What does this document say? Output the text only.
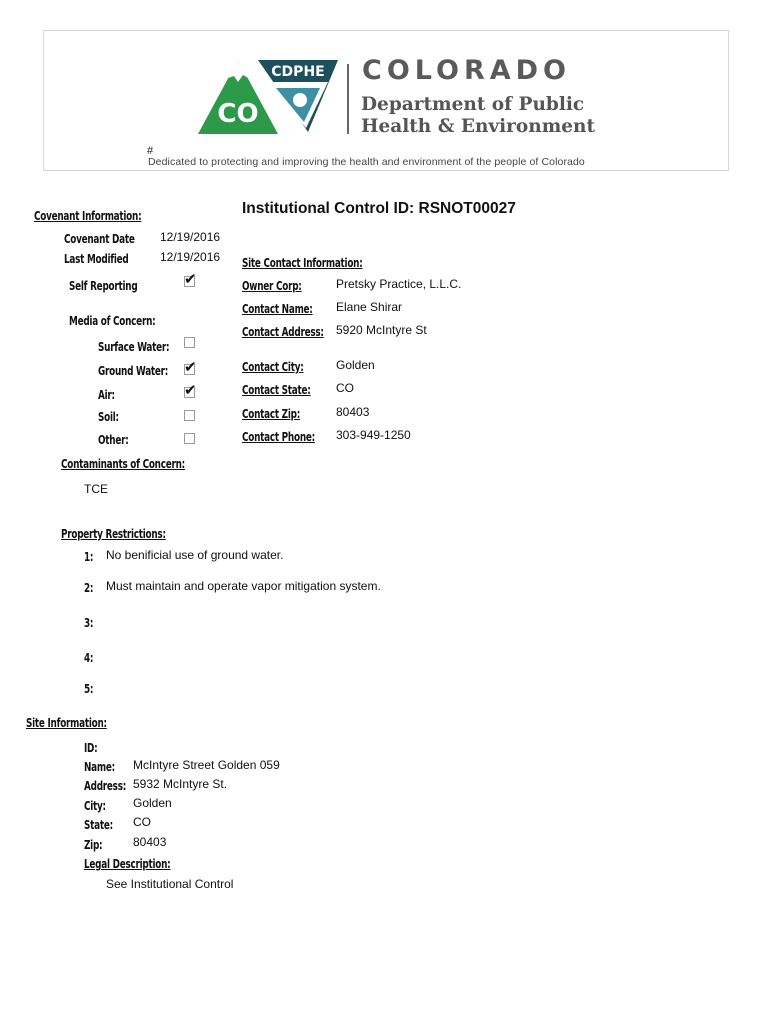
CO
CDPHE COLORADO
Department of Public
Health & Environment
#
Dedicated to protecting and improving the health and environment of the people of Colorado
Institutional Control ID: RSNOT00027
Covenant Information:
Covenant Date 12/19/2016
Last Modified	12/19/2016
Self Reporting	✔
Media of Concern:
Surface Water:
Ground Water: ✔
Air:	✔
Soil:
Other:
Site Contact Information:
Owner Corp:	Pretsky Practice, L.L.C.
Contact Name: Elane Shirar
Contact Address: 5920 McIntyre St
Contact City:	Golden
Contact State: CO
Contact Zip:	80403
Contact Phone: 303-949-1250
Contaminants of Concern:
TCE
Property Restrictions:
1: No benificial use of ground water.
2: Must maintain and operate vapor mitigation system.
3:
4:
5:
Site Information:
ID:
Name: McIntyre Street Golden 059
Address: 5932 McIntyre St.
City: Golden
State: CO
Zip:	80403
Legal Description:
See Institutional Control
